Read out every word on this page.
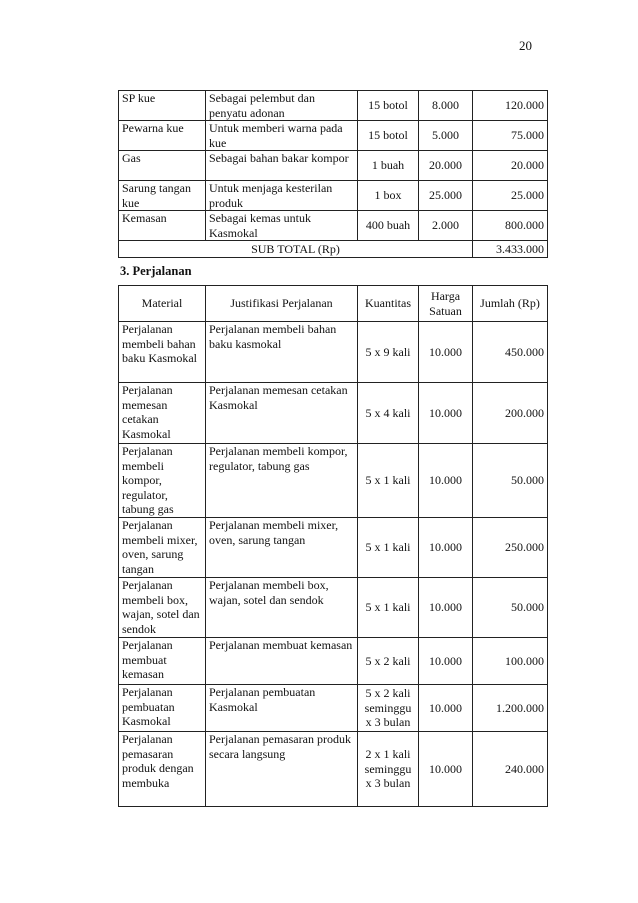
20
SP kue	Sebagai pelembut dan penyatu adonan	15 botol	8.000	120.000
Pewarna kue	Untuk memberi warna pada kue	15 botol	5.000	75.000
Gas	Sebagai bahan bakar kompor	1 buah	20.000	20.000
Sarung tangan kue	Untuk menjaga kesterilan produk	1 box	25.000	25.000
Kemasan	Sebagai kemas untuk Kasmokal	400 buah	2.000	800.000
SUB TOTAL (Rp)				3.433.000
3. Perjalanan
Material	Justifikasi Perjalanan	Kuantitas	Harga Satuan	Jumlah (Rp)
Perjalanan membeli bahan baku Kasmokal	Perjalanan membeli bahan baku kasmokal	5 x 9 kali	10.000	450.000
Perjalanan memesan cetakan Kasmokal	Perjalanan memesan cetakan Kasmokal	5 x 4 kali	10.000	200.000
Perjalanan membeli kompor, regulator, tabung gas	Perjalanan membeli kompor, regulator, tabung gas	5 x 1 kali	10.000	50.000
Perjalanan membeli mixer, oven, sarung tangan	Perjalanan membeli mixer, oven, sarung tangan	5 x 1 kali	10.000	250.000
Perjalanan membeli box, wajan, sotel dan sendok	Perjalanan membeli box, wajan, sotel dan sendok	5 x 1 kali	10.000	50.000
Perjalanan membuat kemasan	Perjalanan membuat kemasan	5 x 2 kali	10.000	100.000
Perjalanan pembuatan Kasmokal	Perjalanan pembuatan Kasmokal	5 x 2 kali seminggu x 3 bulan	10.000	1.200.000
Perjalanan pemasaran produk dengan membuka	Perjalanan pemasaran produk secara langsung	2 x 1 kali seminggu x 3 bulan	10.000	240.000
